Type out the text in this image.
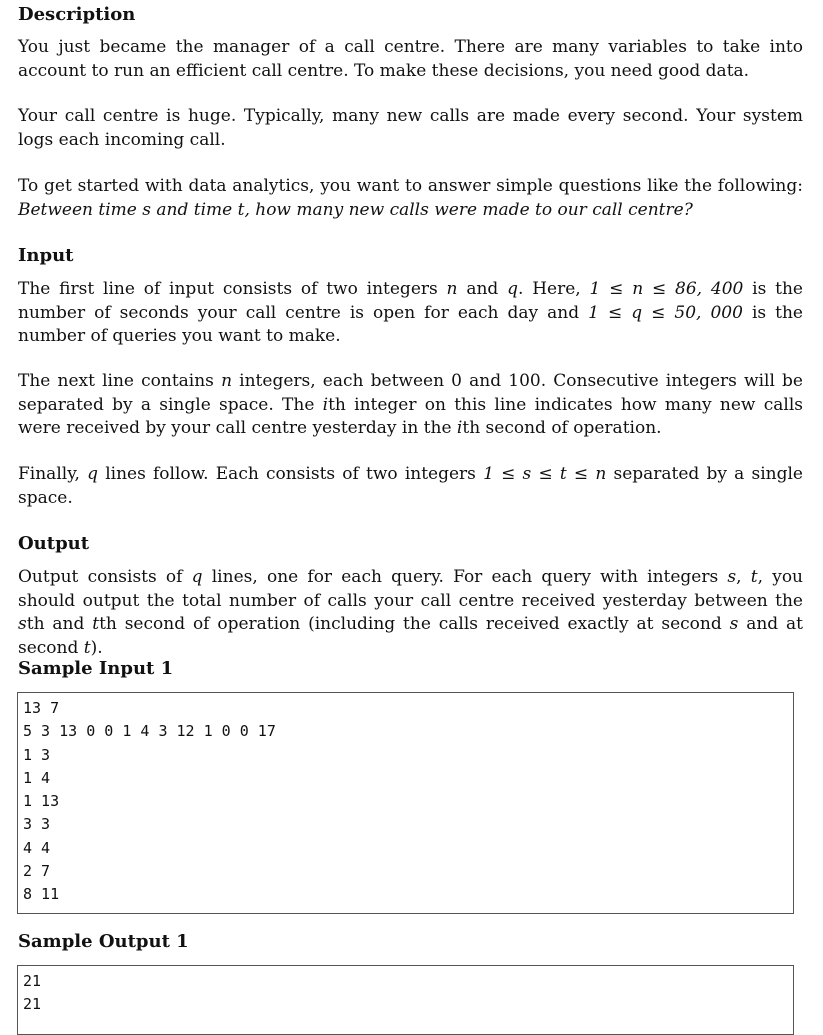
Description

You just became the manager of a call centre. There are many variables to take into account to run an efficient call centre. To make these decisions, you need good data.

Your call centre is huge. Typically, many new calls are made every second. Your system logs each incoming call.

To get started with data analytics, you want to answer simple questions like the following: Between time s and time t, how many new calls were made to our call centre?

Input

The first line of input consists of two integers n and q. Here, 1 ≤ n ≤ 86, 400 is the number of seconds your call centre is open for each day and 1 ≤ q ≤ 50, 000 is the number of queries you want to make.

The next line contains n integers, each between 0 and 100. Consecutive integers will be separated by a single space. The ith integer on this line indicates how many new calls were received by your call centre yesterday in the ith second of operation.

Finally, q lines follow. Each consists of two integers 1 ≤ s ≤ t ≤ n separated by a single space.

Output

Output consists of q lines, one for each query. For each query with integers s, t, you should output the total number of calls your call centre received yesterday between the sth and tth second of operation (including the calls received exactly at second s and at second t).

Sample Input 1
13 7
5 3 13 0 0 1 4 3 12 1 0 0 17
1 3
1 4
1 13
3 3
4 4
2 7
8 11
Sample Output 1
21
21
